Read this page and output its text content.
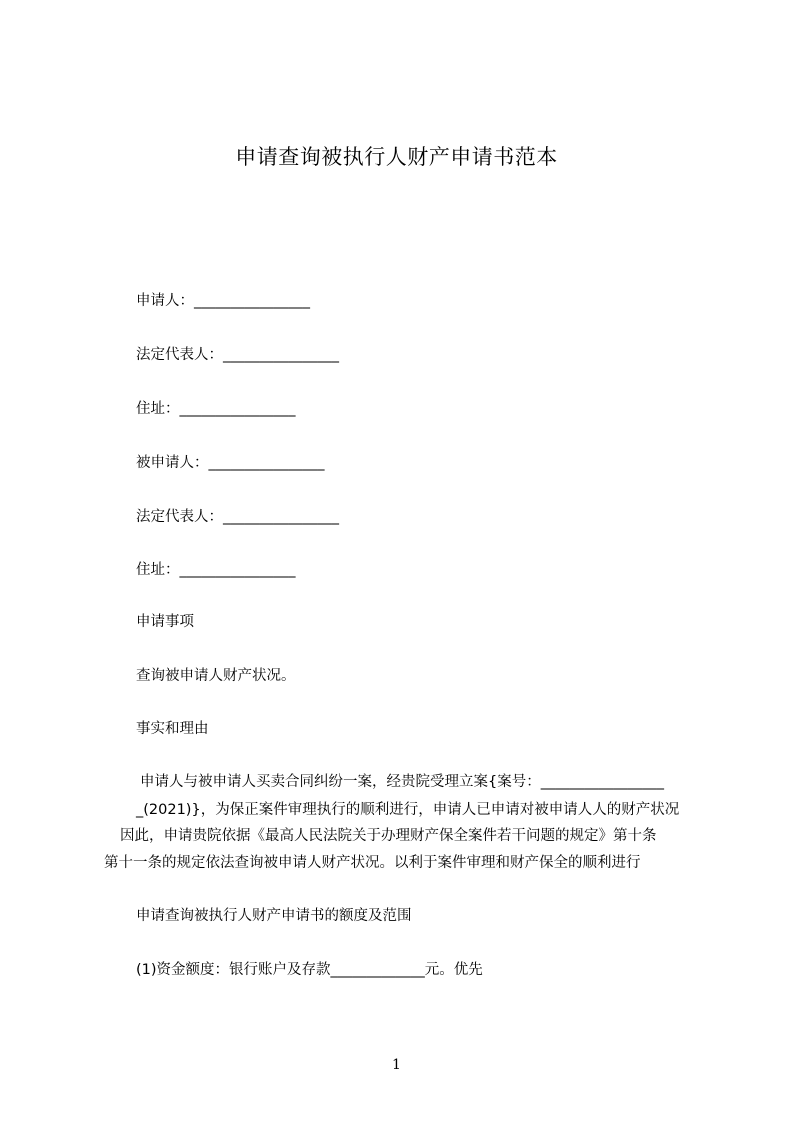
申请查询被执行人财产申请书范本
申请人：________________
法定代表人：________________
住址：________________
被申请人：________________
法定代表人：________________
住址：________________
申请事项
查询被申请人财产状况。
事实和理由
申请人与被申请人买卖合同纠纷一案，经贵院受理立案{案号：_________________
_(2021)}，为保正案件审理执行的顺利进行，申请人已申请对被申请人人的财产状况
因此，申请贵院依据《最高人民法院关于办理财产保全案件若干问题的规定》第十条
第十一条的规定依法查询被申请人财产状况。以利于案件审理和财产保全的顺利进行
申请查询被执行人财产申请书的额度及范围
(1)资金额度：银行账户及存款_____________元。优先
1
